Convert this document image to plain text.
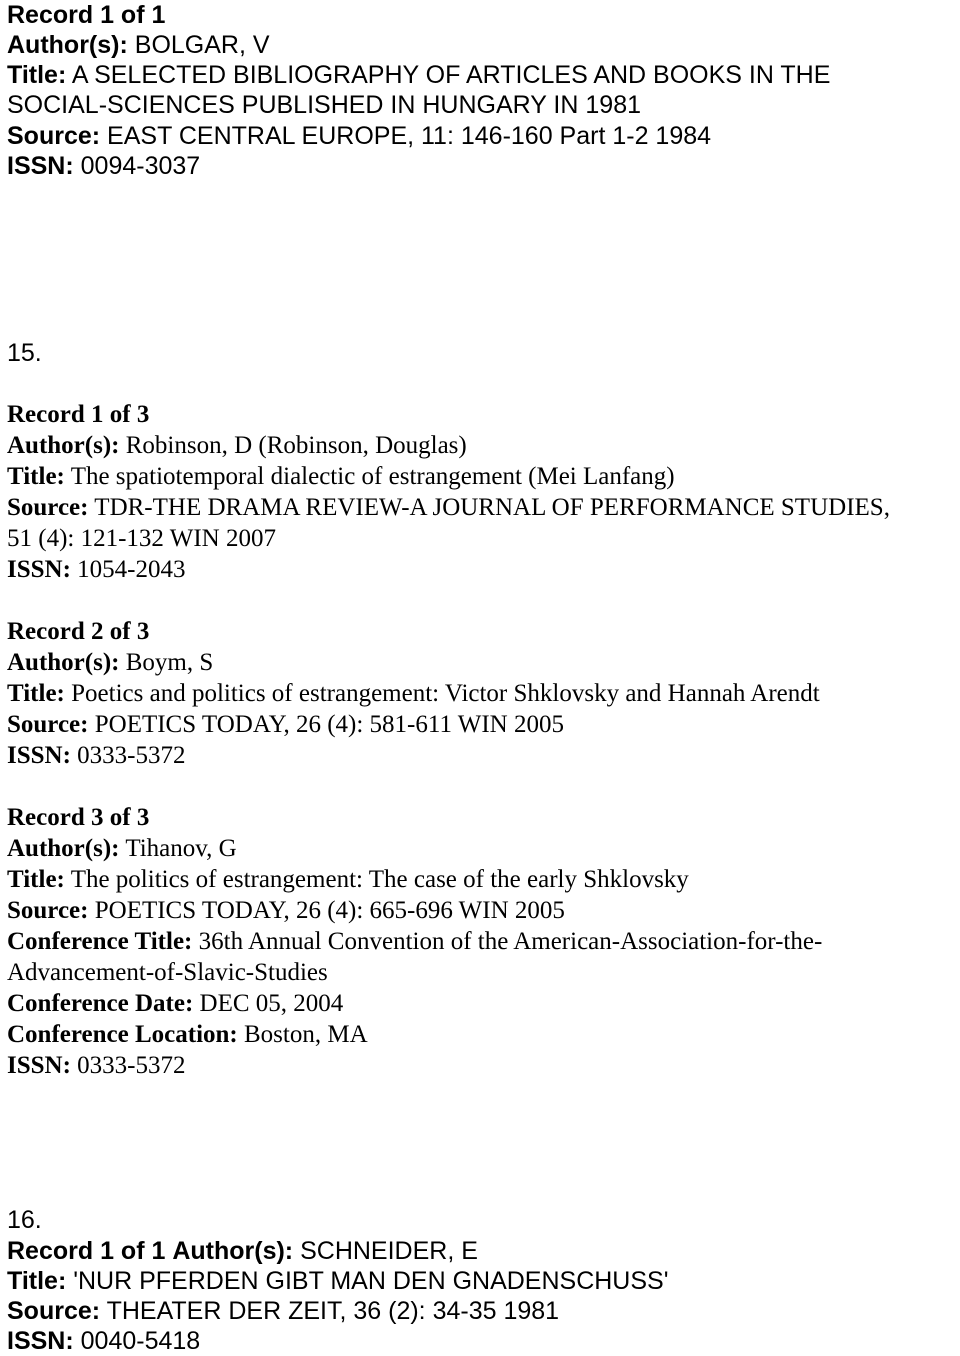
Record 1 of 1
Author(s): BOLGAR, V
Title: A SELECTED BIBLIOGRAPHY OF ARTICLES AND BOOKS IN THE
SOCIAL-SCIENCES PUBLISHED IN HUNGARY IN 1981
Source: EAST CENTRAL EUROPE, 11: 146-160 Part 1-2 1984
ISSN: 0094-3037
15.
Record 1 of 3
Author(s): Robinson, D (Robinson, Douglas)
Title: The spatiotemporal dialectic of estrangement (Mei Lanfang)
Source: TDR-THE DRAMA REVIEW-A JOURNAL OF PERFORMANCE STUDIES,
51 (4): 121-132 WIN 2007
ISSN: 1054-2043
Record 2 of 3
Author(s): Boym, S
Title: Poetics and politics of estrangement: Victor Shklovsky and Hannah Arendt
Source: POETICS TODAY, 26 (4): 581-611 WIN 2005
ISSN: 0333-5372
Record 3 of 3
Author(s): Tihanov, G
Title: The politics of estrangement: The case of the early Shklovsky
Source: POETICS TODAY, 26 (4): 665-696 WIN 2005
Conference Title: 36th Annual Convention of the American-Association-for-the-
Advancement-of-Slavic-Studies
Conference Date: DEC 05, 2004
Conference Location: Boston, MA
ISSN: 0333-5372
16.
Record 1 of 1 Author(s): SCHNEIDER, E
Title: 'NUR PFERDEN GIBT MAN DEN GNADENSCHUSS'
Source: THEATER DER ZEIT, 36 (2): 34-35 1981
ISSN: 0040-5418
